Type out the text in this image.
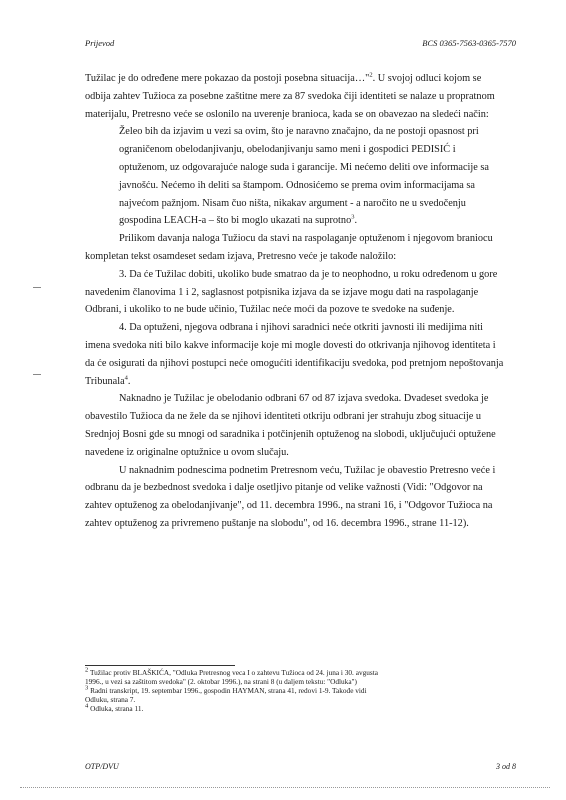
Prijevod	BCS 0365-7563-0365-7570

Tužilac je do određene mere pokazao da postoji posebna situacija…"$^2$. U svojoj odluci kojom se odbija zahtev Tužioca za posebne zaštitne mere za 87 svedoka čiji identiteti se nalaze u propratnom materijalu, Pretresno veće se oslonilo na uverenje branioca, kada se on obavezao na sledeći način:

Želeo bih da izjavim u vezi sa ovim, što je naravno značajno, da ne postoji opasnost pri ograničenom obelodanjivanju, obelodanjivanju samo meni i gospodici PEDISIĆ i optuženom, uz odgovarajuće naloge suda i garancije. Mi nećemo deliti ove informacije sa javnošću. Nećemo ih deliti sa štampom. Odnosićemo se prema ovim informacijama sa najvećom pažnjom. Nisam čuo ništa, nikakav argument - a naročito ne u svedočenju gospodina LEACH-a – što bi moglo ukazati na suprotno$^3$.

Prilikom davanja naloga Tužiocu da stavi na raspolaganje optuženom i njegovom braniocu kompletan tekst osamdeset sedam izjava, Pretresno veće je takođe naložilo:

3. Da će Tužilac dobiti, ukoliko bude smatrao da je to neophodno, u roku određenom u gore navedenim članovima 1 i 2, saglasnost potpisnika izjava da se izjave mogu dati na raspolaganje Odbrani, i ukoliko to ne bude učinio, Tužilac neće moći da pozove te svedoke na suđenje.

4. Da optuženi, njegova odbrana i njihovi saradnici neće otkriti javnosti ili medijima niti imena svedoka niti bilo kakve informacije koje mi mogle dovesti do otkrivanja njihovog identiteta i da će osigurati da njihovi postupci neće omogućiti identifikaciju svedoka, pod pretnjom nepoštovanja Tribunala$^4$.

Naknadno je Tužilac je obelodanio odbrani 67 od 87 izjava svedoka. Dvadeset svedoka je obavestilo Tužioca da ne žele da se njihovi identiteti otkriju odbrani jer strahuju zbog situacije u Srednjoj Bosni gde su mnogi od saradnika i potčinjenih optuženog na slobodi, uključujući optužene navedene iz originalne optužnice u ovom slučaju.

U naknadnim podnescima podnetim Pretresnom veću, Tužilac je obavestio Pretresno veće i odbranu da je bezbednost svedoka i dalje osetljivo pitanje od velike važnosti (Vidi: "Odgovor na zahtev optuženog za obelodanjivanje", od 11. decembra 1996., na strani 16, i "Odgovor Tužioca na zahtev optuženog za privremeno puštanje na slobodu", od 16. decembra 1996., strane 11-12).

$^2$ Tužilac protiv BLAŠKIĆA, "Odluka Pretresnog veca I o zahtevu Tužioca od 24. juna i 30. avgusta 1996., u vezi sa zaštitom svedoka" (2. oktobar 1996.), na strani 8 (u daljem tekstu: "Odluka")

$^3$ Radni transkript, 19. septembar 1996., gospodin HAYMAN, strana 41, redovi 1-9. Takođe vidi Odluku, strana 7.

$^4$ Odluka, strana 11.

OTP/DVU	3 od 8
